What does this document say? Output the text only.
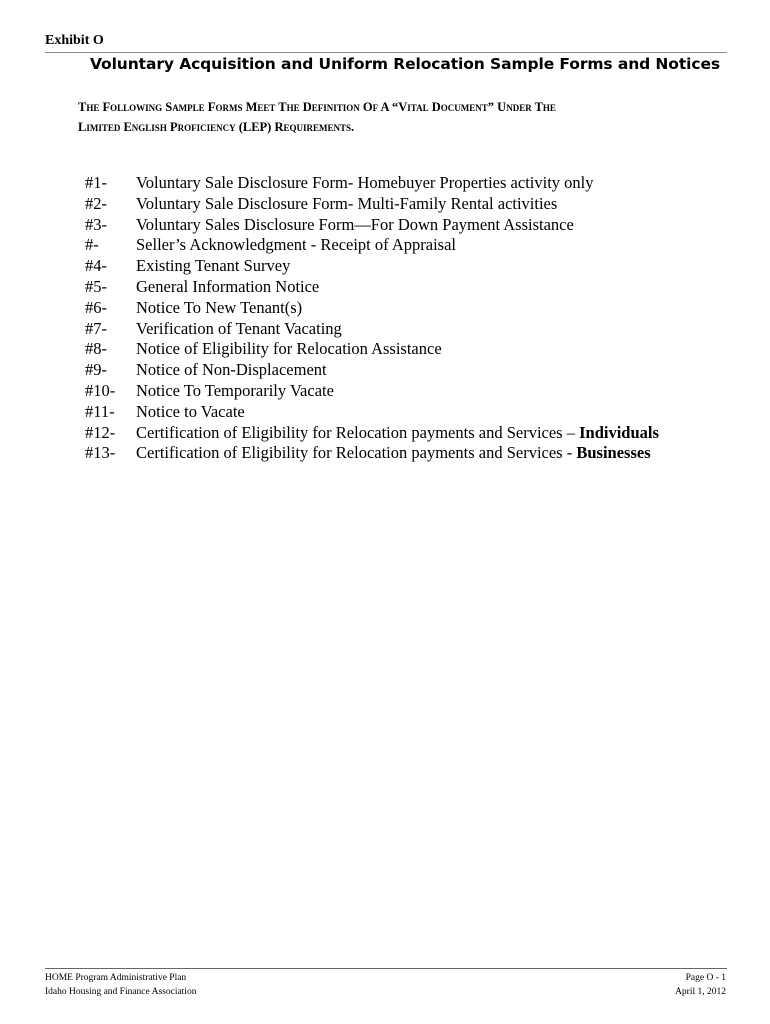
Exhibit O
Voluntary Acquisition and Uniform Relocation Sample Forms and Notices
The Following Sample Forms Meet The Definition Of A “Vital Document” Under The
Limited English Proficiency (LEP) Requirements.
#1-	Voluntary Sale Disclosure Form- Homebuyer Properties activity only
#2-	Voluntary Sale Disclosure Form- Multi-Family Rental activities
#3-	Voluntary Sales Disclosure Form—For Down Payment Assistance
#-	Seller’s Acknowledgment - Receipt of Appraisal
#4-	Existing Tenant Survey
#5-	General Information Notice
#6-	Notice To New Tenant(s)
#7-	Verification of Tenant Vacating
#8-	Notice of Eligibility for Relocation Assistance
#9-	Notice of Non-Displacement
#10-	Notice To Temporarily Vacate
#11-	Notice to Vacate
#12-	Certification of Eligibility for Relocation payments and Services – Individuals
#13-	Certification of Eligibility for Relocation payments and Services - Businesses
HOME Program Administrative Plan
Idaho Housing and Finance Association
Page O - 1
April 1, 2012
